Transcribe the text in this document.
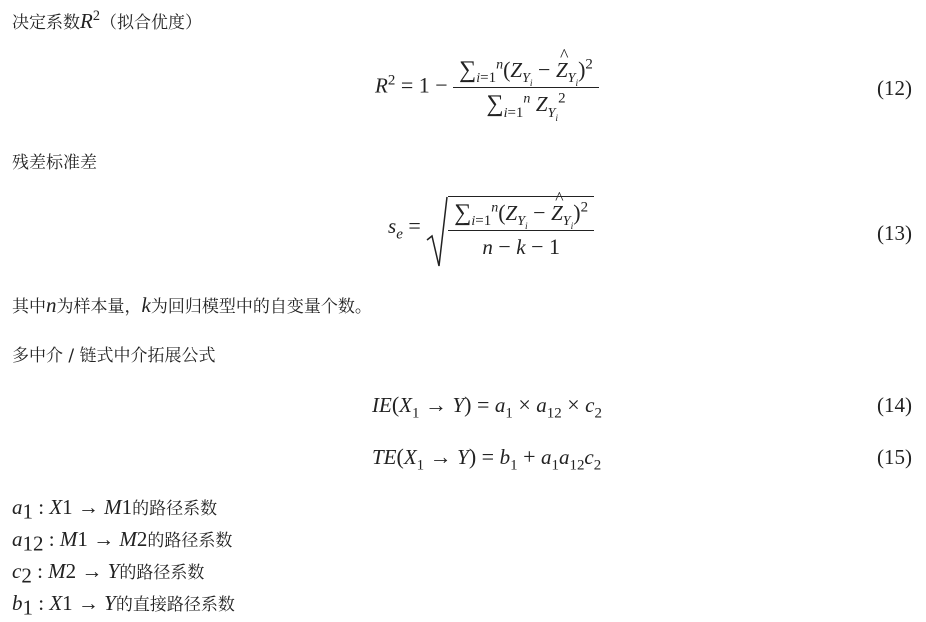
决定系数$R^2$（拟合优度）
$R^2 = 1 - \frac{\sum_{i=1}^n(Z_{Y_i} - \^{} Z_{Y_i})^2}{\sum_{i=1}^n Z_{Y_i}^2}$	(12)
残差标准差
$s_e = \frac{\sum_{i=1}^n(Z_{Y_i} - \^{} Z_{Y_i})^2}{n - k - 1}$	(13)
其中n为样本量，k为回归模型中的自变量个数。
多中介 / 链式中介拓展公式
$IE(X_1 \to Y) = a_1 \times a_{12} \times c_2$	(14)
$TE(X_1 \to Y) = b_1 + a_1a_{12}c_2$	(15)
$a_1$ : X1 → M1的路径系数
$a_{12}$ : M1 → M2的路径系数
$c_2$ : M2 → Y的路径系数
$b_1$ : X1 → Y的直接路径系数
